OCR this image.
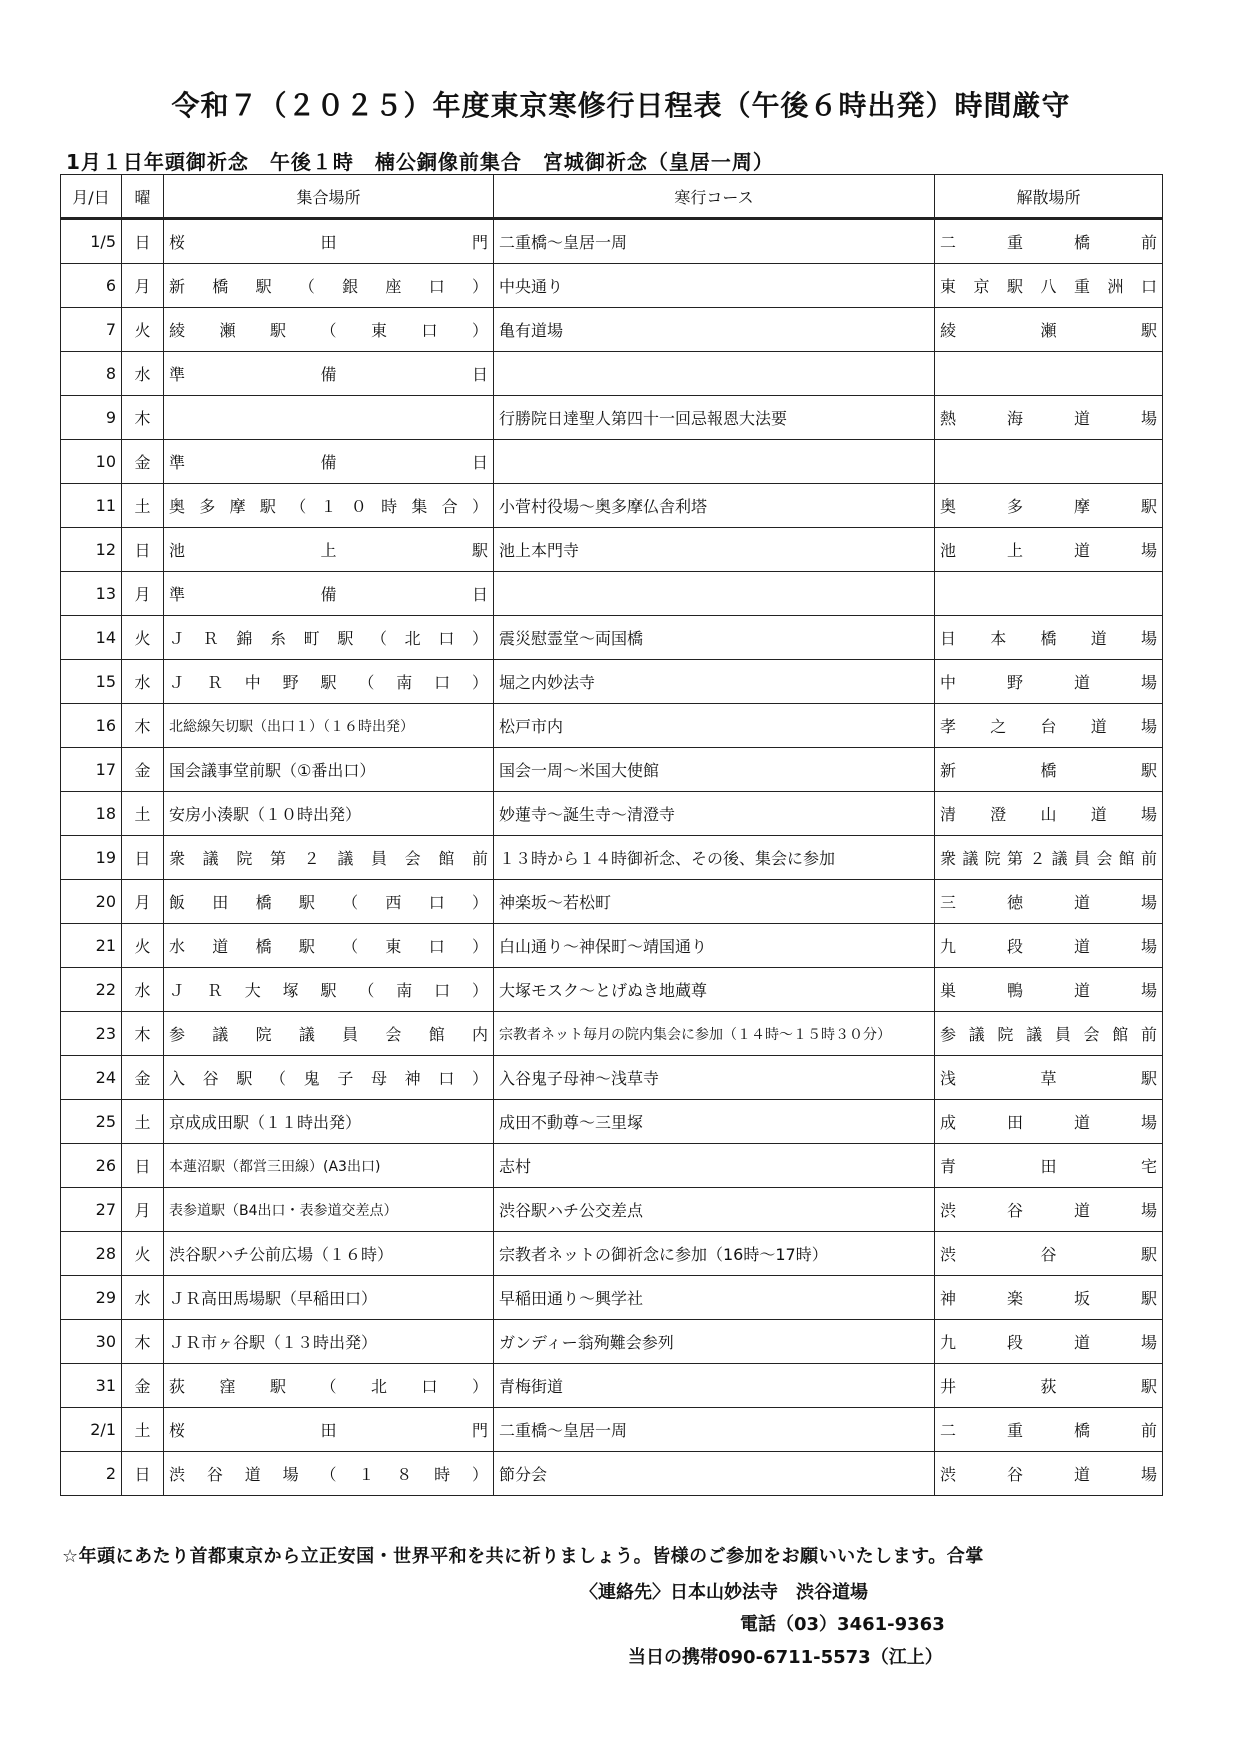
令和７（２０２５）年度東京寒修行日程表（午後６時出発）時間厳守
1月１日年頭御祈念　午後１時　楠公銅像前集合　宮城御祈念（皇居一周）
月/日	曜	集合場所	寒行コース	解散場所
1/5	日	桜田門	二重橋～皇居一周	二重橋前
6	月	新橋駅（銀座口）	中央通り	東京駅八重洲口
7	火	綾瀬駅（東口）	亀有道場	綾瀬駅
8	水	準備日		
9	木		行勝院日達聖人第四十一回忌報恩大法要	熱海道場
10	金	準備日		
11	土	奥多摩駅（１０時集合）	小菅村役場～奥多摩仏舎利塔	奥多摩駅
12	日	池上駅	池上本門寺	池上道場
13	月	準備日		
14	火	ＪＲ錦糸町駅（北口）	震災慰霊堂～両国橋	日本橋道場
15	水	ＪＲ中野駅（南口）	堀之内妙法寺	中野道場
16	木	北総線矢切駅（出口１）（１６時出発）	松戸市内	孝之台道場
17	金	国会議事堂前駅（①番出口）	国会一周～米国大使館	新橋駅
18	土	安房小湊駅（１０時出発）	妙蓮寺～誕生寺～清澄寺	清澄山道場
19	日	衆議院第２議員会館前	１３時から１４時御祈念、その後、集会に参加	衆議院第２議員会館前
20	月	飯田橋駅（西口）	神楽坂～若松町	三徳道場
21	火	水道橋駅（東口）	白山通り～神保町～靖国通り	九段道場
22	水	ＪＲ大塚駅（南口）	大塚モスク～とげぬき地蔵尊	巣鴨道場
23	木	参議院議員会館内	宗教者ネット毎月の院内集会に参加（１４時～１５時３０分）	参議院議員会館前
24	金	入谷駅（鬼子母神口）	入谷鬼子母神～浅草寺	浅草駅
25	土	京成成田駅（１１時出発）	成田不動尊～三里塚	成田道場
26	日	本蓮沼駅（都営三田線）(A3出口)	志村	青田宅
27	月	表参道駅（B4出口・表参道交差点）	渋谷駅ハチ公交差点	渋谷道場
28	火	渋谷駅ハチ公前広場（１６時）	宗教者ネットの御祈念に参加（16時～17時）	渋谷駅
29	水	ＪＲ高田馬場駅（早稲田口）	早稲田通り～興学社	神楽坂駅
30	木	ＪＲ市ヶ谷駅（１３時出発）	ガンディー翁殉難会参列	九段道場
31	金	荻窪駅（北口）	青梅街道	井荻駅
2/1	土	桜田門	二重橋～皇居一周	二重橋前
2	日	渋谷道場（１８時）	節分会	渋谷道場
☆年頭にあたり首都東京から立正安国・世界平和を共に祈りましょう。皆様のご参加をお願いいたします。合掌
〈連絡先〉日本山妙法寺　渋谷道場
電話（03）3461-9363
当日の携帯090-6711-5573（江上）
